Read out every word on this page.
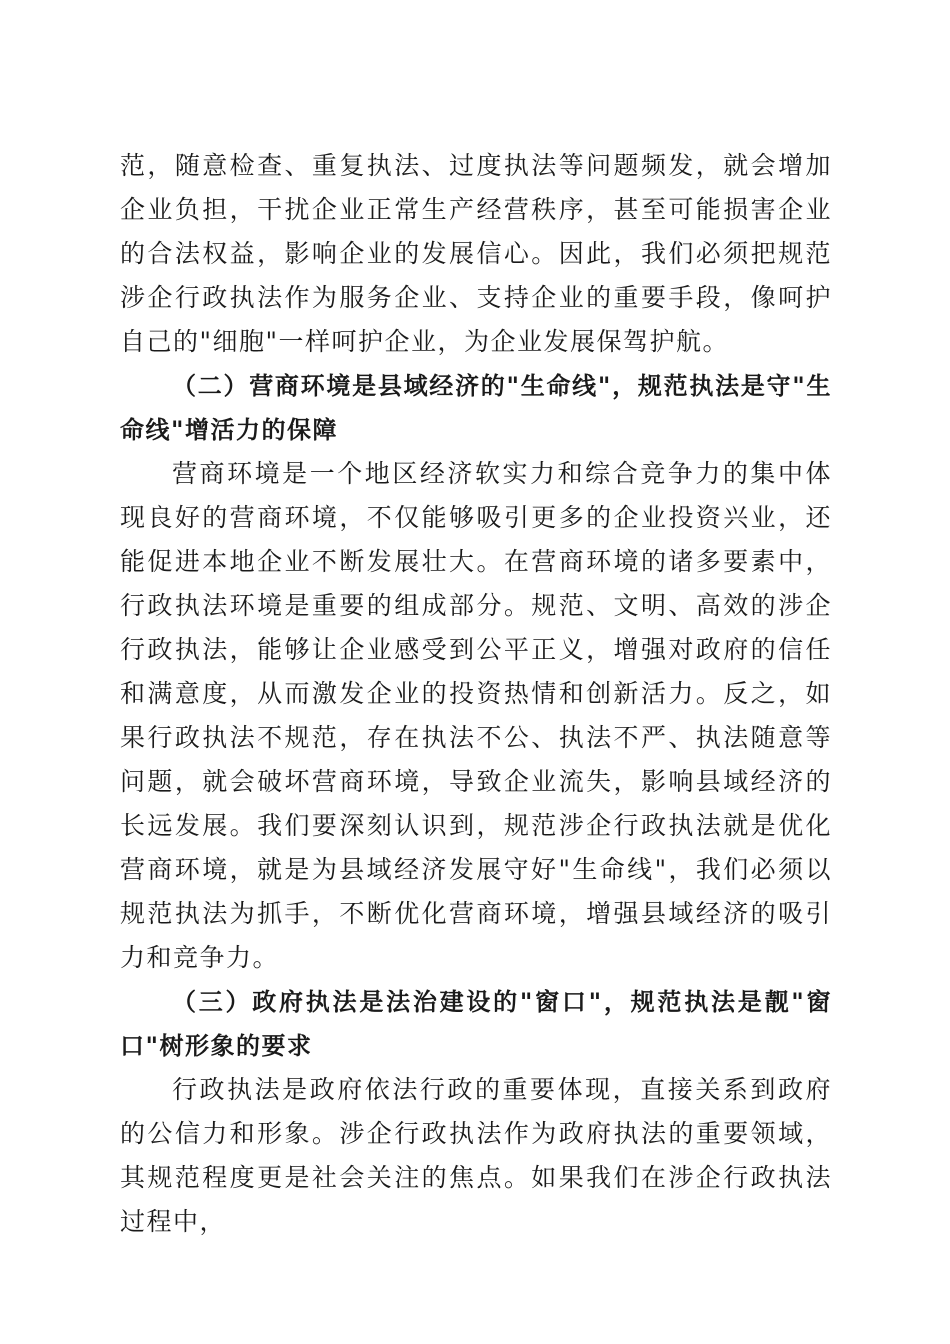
范，随意检查、重复执法、过度执法等问题频发，就会增加企业负担，干扰企业正常生产经营秩序，甚至可能损害企业的合法权益，影响企业的发展信心。因此，我们必须把规范涉企行政执法作为服务企业、支持企业的重要手段，像呵护自己的"细胞"一样呵护企业，为企业发展保驾护航。

（二）营商环境是县域经济的"生命线"，规范执法是守"生命线"增活力的保障

营商环境是一个地区经济软实力和综合竞争力的集中体现良好的营商环境，不仅能够吸引更多的企业投资兴业，还能促进本地企业不断发展壮大。在营商环境的诸多要素中，行政执法环境是重要的组成部分。规范、文明、高效的涉企行政执法，能够让企业感受到公平正义，增强对政府的信任和满意度，从而激发企业的投资热情和创新活力。反之，如果行政执法不规范，存在执法不公、执法不严、执法随意等问题，就会破坏营商环境，导致企业流失，影响县域经济的长远发展。我们要深刻认识到，规范涉企行政执法就是优化营商环境，就是为县域经济发展守好"生命线"，我们必须以规范执法为抓手，不断优化营商环境，增强县域经济的吸引力和竞争力。

（三）政府执法是法治建设的"窗口"，规范执法是靓"窗口"树形象的要求

行政执法是政府依法行政的重要体现，直接关系到政府的公信力和形象。涉企行政执法作为政府执法的重要领域，其规范程度更是社会关注的焦点。如果我们在涉企行政执法过程中，
